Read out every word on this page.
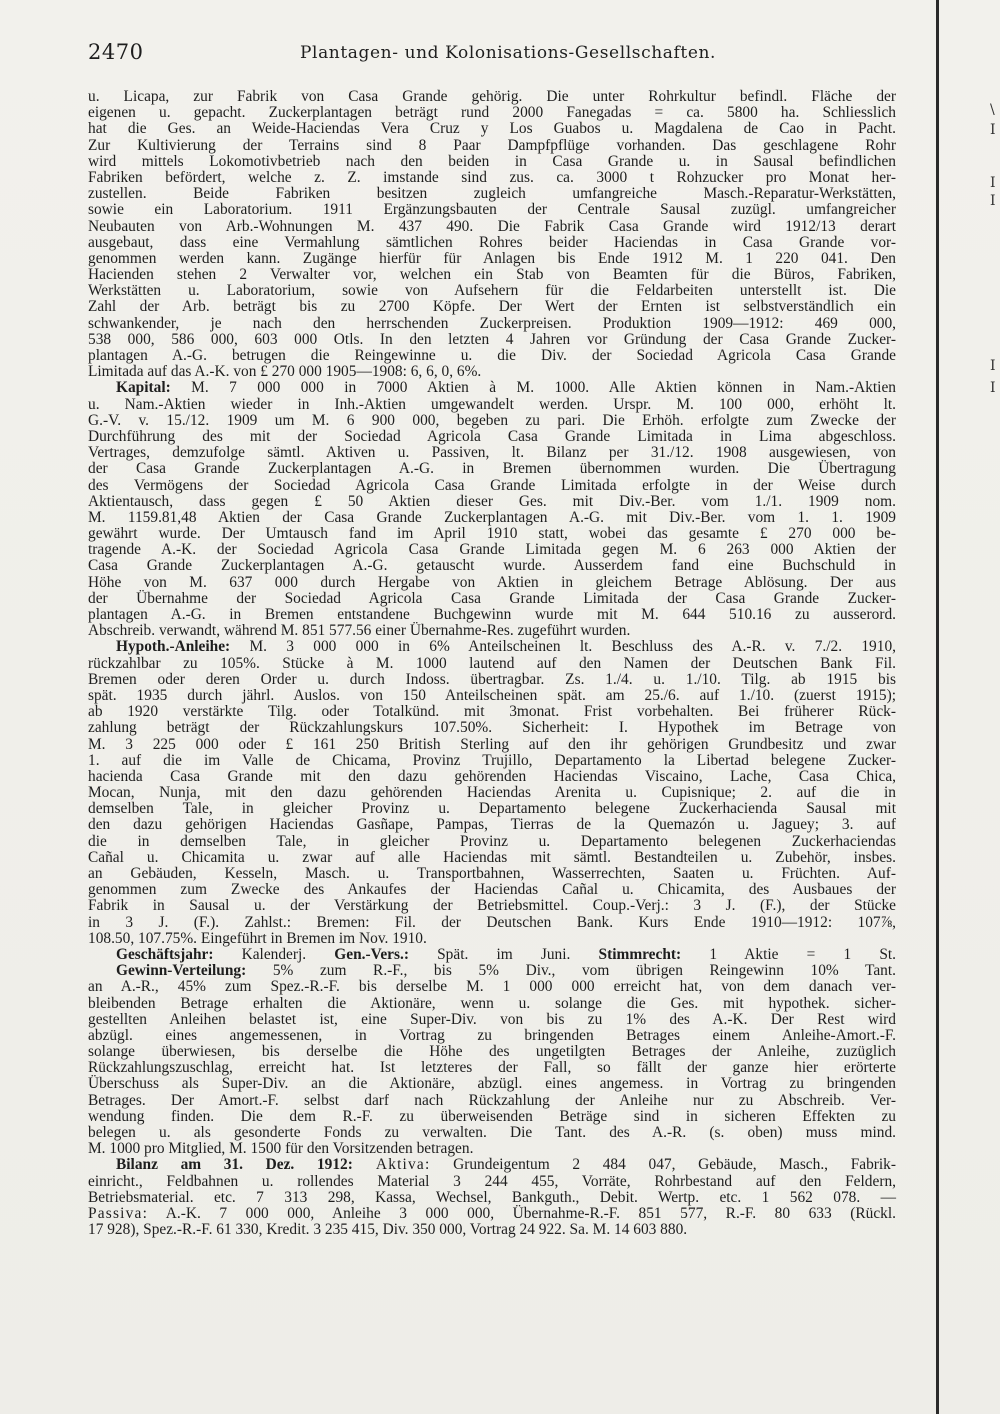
\
I
I
I
I
I
2470	Plantagen- und Kolonisations-Gesellschaften.
u. Licapa, zur Fabrik von Casa Grande gehörig. Die unter Rohrkultur befindl. Fläche der
eigenen u. gepacht. Zuckerplantagen beträgt rund 2000 Fanegadas = ca. 5800 ha. Schliesslich
hat die Ges. an Weide-Haciendas Vera Cruz y Los Guabos u. Magdalena de Cao in Pacht.
Zur Kultivierung der Terrains sind 8 Paar Dampfpflüge vorhanden. Das geschlagene Rohr
wird mittels Lokomotivbetrieb nach den beiden in Casa Grande u. in Sausal befindlichen
Fabriken befördert, welche z. Z. imstande sind zus. ca. 3000 t Rohzucker pro Monat her-
zustellen. Beide Fabriken besitzen zugleich umfangreiche Masch.-Reparatur-Werkstätten,
sowie ein Laboratorium. 1911 Ergänzungsbauten der Centrale Sausal zuzügl. umfangreicher
Neubauten von Arb.-Wohnungen M. 437 490. Die Fabrik Casa Grande wird 1912/13 derart
ausgebaut, dass eine Vermahlung sämtlichen Rohres beider Haciendas in Casa Grande vor-
genommen werden kann. Zugänge hierfür für Anlagen bis Ende 1912 M. 1 220 041. Den
Hacienden stehen 2 Verwalter vor, welchen ein Stab von Beamten für die Büros, Fabriken,
Werkstätten u. Laboratorium, sowie von Aufsehern für die Feldarbeiten unterstellt ist. Die
Zahl der Arb. beträgt bis zu 2700 Köpfe. Der Wert der Ernten ist selbstverständlich ein
schwankender, je nach den herrschenden Zuckerpreisen. Produktion 1909—1912: 469 000,
538 000, 586 000, 603 000 Otls. In den letzten 4 Jahren vor Gründung der Casa Grande Zucker-
plantagen A.-G. betrugen die Reingewinne u. die Div. der Sociedad Agricola Casa Grande
Limitada auf das A.-K. von £ 270 000 1905—1908: 6, 6, 0, 6%.
Kapital: M. 7 000 000 in 7000 Aktien à M. 1000. Alle Aktien können in Nam.-Aktien
u. Nam.-Aktien wieder in Inh.-Aktien umgewandelt werden. Urspr. M. 100 000, erhöht lt.
G.-V. v. 15./12. 1909 um M. 6 900 000, begeben zu pari. Die Erhöh. erfolgte zum Zwecke der
Durchführung des mit der Sociedad Agricola Casa Grande Limitada in Lima abgeschloss.
Vertrages, demzufolge sämtl. Aktiven u. Passiven, lt. Bilanz per 31./12. 1908 ausgewiesen, von
der Casa Grande Zuckerplantagen A.-G. in Bremen übernommen wurden. Die Übertragung
des Vermögens der Sociedad Agricola Casa Grande Limitada erfolgte in der Weise durch
Aktientausch, dass gegen £ 50 Aktien dieser Ges. mit Div.-Ber. vom 1./1. 1909 nom.
M. 1159.81,48 Aktien der Casa Grande Zuckerplantagen A.-G. mit Div.-Ber. vom 1. 1. 1909
gewährt wurde. Der Umtausch fand im April 1910 statt, wobei das gesamte £ 270 000 be-
tragende A.-K. der Sociedad Agricola Casa Grande Limitada gegen M. 6 263 000 Aktien der
Casa Grande Zuckerplantagen A.-G. getauscht wurde. Ausserdem fand eine Buchschuld in
Höhe von M. 637 000 durch Hergabe von Aktien in gleichem Betrage Ablösung. Der aus
der Übernahme der Sociedad Agricola Casa Grande Limitada der Casa Grande Zucker-
plantagen A.-G. in Bremen entstandene Buchgewinn wurde mit M. 644 510.16 zu ausserord.
Abschreib. verwandt, während M. 851 577.56 einer Übernahme-Res. zugeführt wurden.
Hypoth.-Anleihe: M. 3 000 000 in 6% Anteilscheinen lt. Beschluss des A.-R. v. 7./2. 1910,
rückzahlbar zu 105%. Stücke à M. 1000 lautend auf den Namen der Deutschen Bank Fil.
Bremen oder deren Order u. durch Indoss. übertragbar. Zs. 1./4. u. 1./10. Tilg. ab 1915 bis
spät. 1935 durch jährl. Auslos. von 150 Anteilscheinen spät. am 25./6. auf 1./10. (zuerst 1915);
ab 1920 verstärkte Tilg. oder Totalkünd. mit 3monat. Frist vorbehalten. Bei früherer Rück-
zahlung beträgt der Rückzahlungskurs 107.50%. Sicherheit: I. Hypothek im Betrage von
M. 3 225 000 oder £ 161 250 British Sterling auf den ihr gehörigen Grundbesitz und zwar
1. auf die im Valle de Chicama, Provinz Trujillo, Departamento la Libertad belegene Zucker-
hacienda Casa Grande mit den dazu gehörenden Haciendas Viscaino, Lache, Casa Chica,
Mocan, Nunja, mit den dazu gehörenden Haciendas Arenita u. Cupisnique; 2. auf die in
demselben Tale, in gleicher Provinz u. Departamento belegene Zuckerhacienda Sausal mit
den dazu gehörigen Haciendas Gasñape, Pampas, Tierras de la Quemazón u. Jaguey; 3. auf
die in demselben Tale, in gleicher Provinz u. Departamento belegenen Zuckerhaciendas
Cañal u. Chicamita u. zwar auf alle Haciendas mit sämtl. Bestandteilen u. Zubehör, insbes.
an Gebäuden, Kesseln, Masch. u. Transportbahnen, Wasserrechten, Saaten u. Früchten. Auf-
genommen zum Zwecke des Ankaufes der Haciendas Cañal u. Chicamita, des Ausbaues der
Fabrik in Sausal u. der Verstärkung der Betriebsmittel. Coup.-Verj.: 3 J. (F.), der Stücke
in 3 J. (F.). Zahlst.: Bremen: Fil. der Deutschen Bank. Kurs Ende 1910—1912: 107⅞,
108.50, 107.75%. Eingeführt in Bremen im Nov. 1910.
Geschäftsjahr: Kalenderj. Gen.-Vers.: Spät. im Juni. Stimmrecht: 1 Aktie = 1 St.
Gewinn-Verteilung: 5% zum R.-F., bis 5% Div., vom übrigen Reingewinn 10% Tant.
an A.-R., 45% zum Spez.-R.-F. bis derselbe M. 1 000 000 erreicht hat, von dem danach ver-
bleibenden Betrage erhalten die Aktionäre, wenn u. solange die Ges. mit hypothek. sicher-
gestellten Anleihen belastet ist, eine Super-Div. von bis zu 1% des A.-K. Der Rest wird
abzügl. eines angemessenen, in Vortrag zu bringenden Betrages einem Anleihe-Amort.-F.
solange überwiesen, bis derselbe die Höhe des ungetilgten Betrages der Anleihe, zuzüglich
Rückzahlungszuschlag, erreicht hat. Ist letzteres der Fall, so fällt der ganze hier erörterte
Überschuss als Super-Div. an die Aktionäre, abzügl. eines angemess. in Vortrag zu bringenden
Betrages. Der Amort.-F. selbst darf nach Rückzahlung der Anleihe nur zu Abschreib. Ver-
wendung finden. Die dem R.-F. zu überweisenden Beträge sind in sicheren Effekten zu
belegen u. als gesonderte Fonds zu verwalten. Die Tant. des A.-R. (s. oben) muss mind.
M. 1000 pro Mitglied, M. 1500 für den Vorsitzenden betragen.
Bilanz am 31. Dez. 1912: Aktiva: Grundeigentum 2 484 047, Gebäude, Masch., Fabrik-
einricht., Feldbahnen u. rollendes Material 3 244 455, Vorräte, Rohrbestand auf den Feldern,
Betriebsmaterial. etc. 7 313 298, Kassa, Wechsel, Bankguth., Debit. Wertp. etc. 1 562 078. —
Passiva: A.-K. 7 000 000, Anleihe 3 000 000, Übernahme-R.-F. 851 577, R.-F. 80 633 (Rückl.
17 928), Spez.-R.-F. 61 330, Kredit. 3 235 415, Div. 350 000, Vortrag 24 922. Sa. M. 14 603 880.
